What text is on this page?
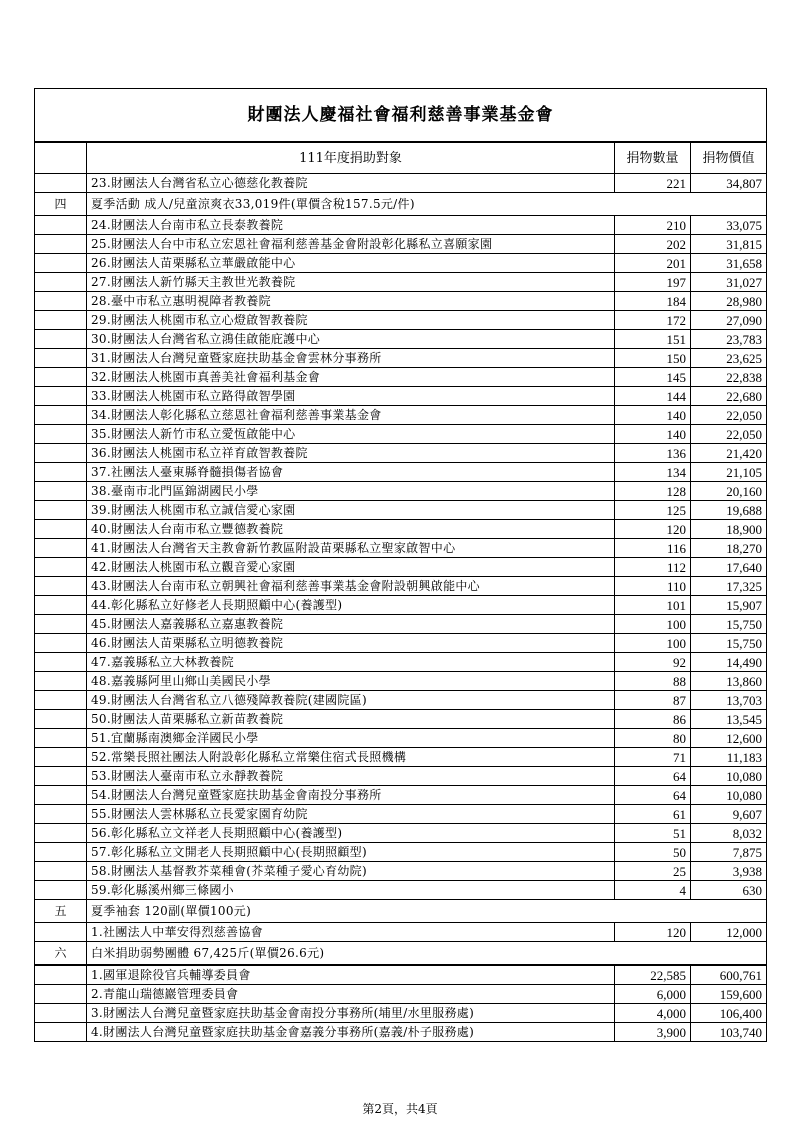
財團法人慶福社會福利慈善事業基金會			
	111年度捐助對象	捐物數量	捐物價值
	23.財團法人台灣省私立心德慈化教養院	221	34,807
四	夏季活動 成人/兒童涼爽衣33,019件(單價含稅157.5元/件)		
	24.財團法人台南市私立長泰教養院	210	33,075
	25.財團法人台中市私立宏恩社會福利慈善基金會附設彰化縣私立喜願家園	202	31,815
	26.財團法人苗栗縣私立華嚴啟能中心	201	31,658
	27.財團法人新竹縣天主教世光教養院	197	31,027
	28.臺中市私立惠明視障者教養院	184	28,980
	29.財團法人桃園市私立心燈啟智教養院	172	27,090
	30.財團法人台灣省私立鴻佳啟能庇護中心	151	23,783
	31.財團法人台灣兒童暨家庭扶助基金會雲林分事務所	150	23,625
	32.財團法人桃園市真善美社會福利基金會	145	22,838
	33.財團法人桃園市私立路得啟智學園	144	22,680
	34.財團法人彰化縣私立慈恩社會福利慈善事業基金會	140	22,050
	35.財團法人新竹市私立愛恆啟能中心	140	22,050
	36.財團法人桃園市私立祥育啟智教養院	136	21,420
	37.社團法人臺東縣脊髓損傷者協會	134	21,105
	38.臺南市北門區錦湖國民小學	128	20,160
	39.財團法人桃園市私立誠信愛心家園	125	19,688
	40.財團法人台南市私立豐德教養院	120	18,900
	41.財團法人台灣省天主教會新竹教區附設苗栗縣私立聖家啟智中心	116	18,270
	42.財團法人桃園市私立觀音愛心家園	112	17,640
	43.財團法人台南市私立朝興社會福利慈善事業基金會附設朝興啟能中心	110	17,325
	44.彰化縣私立好修老人長期照顧中心(養護型)	101	15,907
	45.財團法人嘉義縣私立嘉惠教養院	100	15,750
	46.財團法人苗栗縣私立明德教養院	100	15,750
	47.嘉義縣私立大林教養院	92	14,490
	48.嘉義縣阿里山鄉山美國民小學	88	13,860
	49.財團法人台灣省私立八德殘障教養院(建國院區)	87	13,703
	50.財團法人苗栗縣私立新苗教養院	86	13,545
	51.宜蘭縣南澳鄉金洋國民小學	80	12,600
	52.常樂長照社團法人附設彰化縣私立常樂住宿式長照機構	71	11,183
	53.財團法人臺南市私立永靜教養院	64	10,080
	54.財團法人台灣兒童暨家庭扶助基金會南投分事務所	64	10,080
	55.財團法人雲林縣私立長愛家園育幼院	61	9,607
	56.彰化縣私立文祥老人長期照顧中心(養護型)	51	8,032
	57.彰化縣私立文開老人長期照顧中心(長期照顧型)	50	7,875
	58.財團法人基督教芥菜種會(芥菜種子愛心育幼院)	25	3,938
	59.彰化縣溪州鄉三條國小	4	630
五	夏季袖套 120副(單價100元)		
	1.社團法人中華安得烈慈善協會	120	12,000
六	白米捐助弱勢團體 67,425斤(單價26.6元)		
	1.國軍退除役官兵輔導委員會	22,585	600,761
	2.青龍山瑞德巖管理委員會	6,000	159,600
	3.財團法人台灣兒童暨家庭扶助基金會南投分事務所(埔里/水里服務處)	4,000	106,400
	4.財團法人台灣兒童暨家庭扶助基金會嘉義分事務所(嘉義/朴子服務處)	3,900	103,740
第2頁，共4頁
